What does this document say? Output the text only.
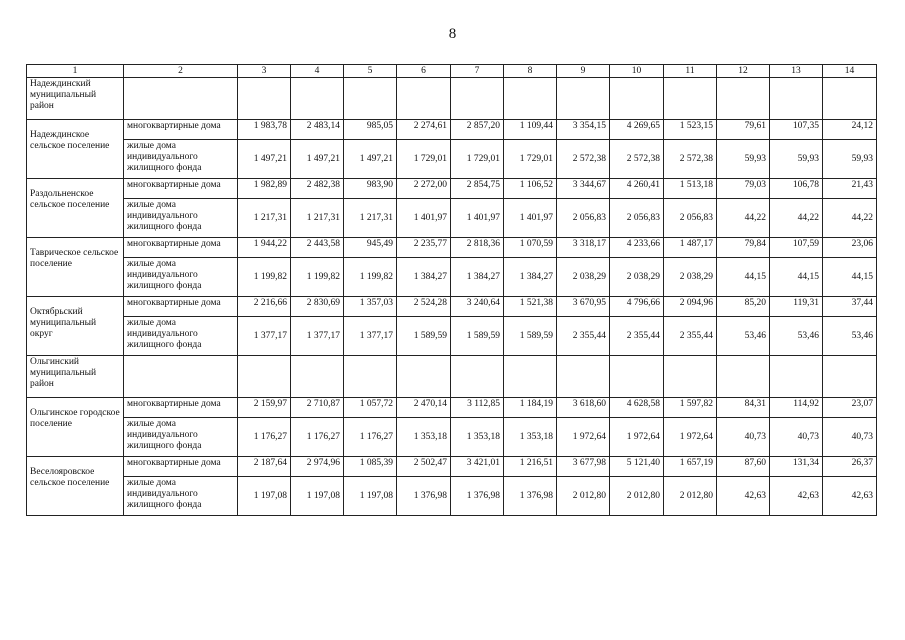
8
1	2	3	4	5	6	7	8	9	10	11	12	13	14
Надеждинский муниципальный район													
Надеждинское сельское поселение	многоквартирные дома	1 983,78	2 483,14	985,05	2 274,61	2 857,20	1 109,44	3 354,15	4 269,65	1 523,15	79,61	107,35	24,12
	жилые дома индивидуального жилищного фонда	1 497,21	1 497,21	1 497,21	1 729,01	1 729,01	1 729,01	2 572,38	2 572,38	2 572,38	59,93	59,93	59,93
Раздольненское сельское поселение	многоквартирные дома	1 982,89	2 482,38	983,90	2 272,00	2 854,75	1 106,52	3 344,67	4 260,41	1 513,18	79,03	106,78	21,43
	жилые дома индивидуального жилищного фонда	1 217,31	1 217,31	1 217,31	1 401,97	1 401,97	1 401,97	2 056,83	2 056,83	2 056,83	44,22	44,22	44,22
Таврическое сельское поселение	многоквартирные дома	1 944,22	2 443,58	945,49	2 235,77	2 818,36	1 070,59	3 318,17	4 233,66	1 487,17	79,84	107,59	23,06
	жилые дома индивидуального жилищного фонда	1 199,82	1 199,82	1 199,82	1 384,27	1 384,27	1 384,27	2 038,29	2 038,29	2 038,29	44,15	44,15	44,15
Октябрьский муниципальный округ	многоквартирные дома	2 216,66	2 830,69	1 357,03	2 524,28	3 240,64	1 521,38	3 670,95	4 796,66	2 094,96	85,20	119,31	37,44
	жилые дома индивидуального жилищного фонда	1 377,17	1 377,17	1 377,17	1 589,59	1 589,59	1 589,59	2 355,44	2 355,44	2 355,44	53,46	53,46	53,46
Ольгинский муниципальный район													
Ольгинское городское поселение	многоквартирные дома	2 159,97	2 710,87	1 057,72	2 470,14	3 112,85	1 184,19	3 618,60	4 628,58	1 597,82	84,31	114,92	23,07
	жилые дома индивидуального жилищного фонда	1 176,27	1 176,27	1 176,27	1 353,18	1 353,18	1 353,18	1 972,64	1 972,64	1 972,64	40,73	40,73	40,73
Веселояровское сельское поселение	многоквартирные дома	2 187,64	2 974,96	1 085,39	2 502,47	3 421,01	1 216,51	3 677,98	5 121,40	1 657,19	87,60	131,34	26,37
	жилые дома индивидуального жилищного фонда	1 197,08	1 197,08	1 197,08	1 376,98	1 376,98	1 376,98	2 012,80	2 012,80	2 012,80	42,63	42,63	42,63
